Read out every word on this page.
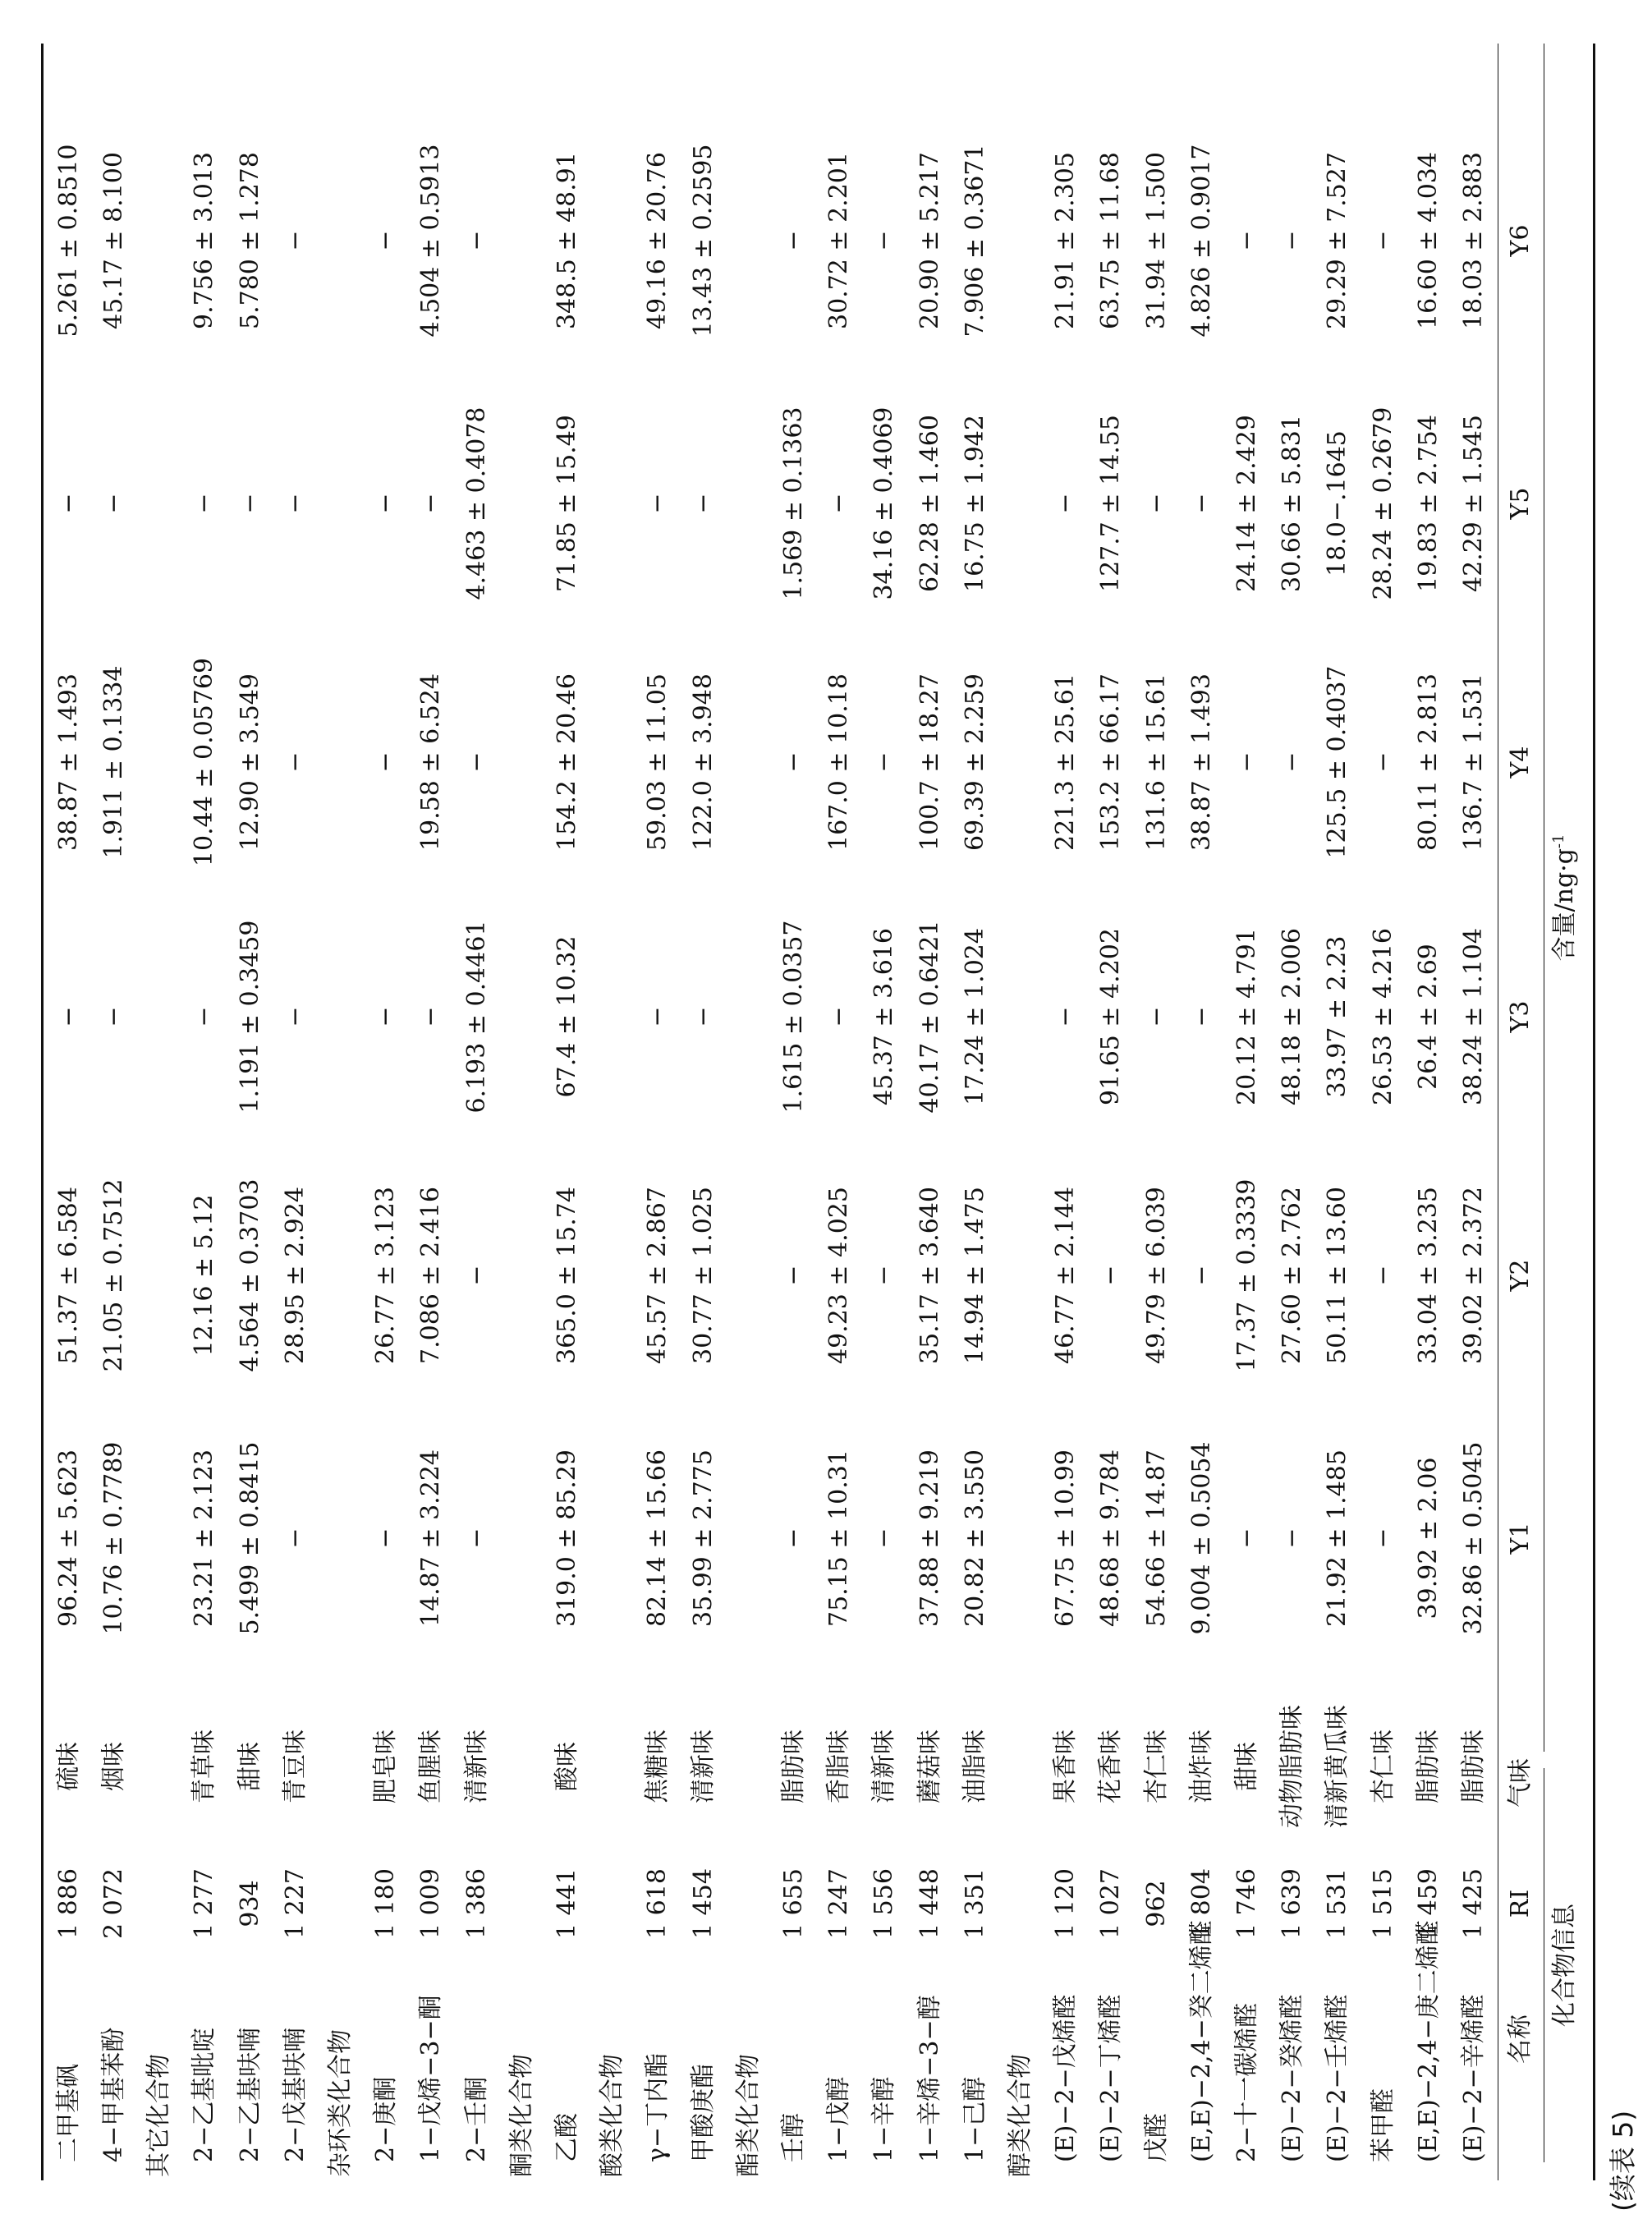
(续表 5)
化合物信息
含量$/ng\cdot g^{-1}$
名称
RI
气味
Y1
Y2
Y3
Y4
Y5
Y6
(E)−2−辛烯醛
1 425
脂肪味
32.86 ± 0.5045
39.02 ± 2.372
38.24 ± 1.104
136.7 ± 1.531
42.29 ± 1.545
18.03 ± 2.883
(E,E)−2,4−庚二烯醛
1 459
脂肪味
39.92 ± 2.06
33.04 ± 3.235
26.4 ± 2.69
80.11 ± 2.813
19.83 ± 2.754
16.60 ± 4.034
苯甲醛
1 515
杏仁味
−
−
26.53 ± 4.216
−
28.24 ± 0.2679
−
(E)−2−壬烯醛
1 531
清新黄瓜味
21.92 ± 1.485
50.11 ± 13.60
33.97 ± 2.23
125.5 ± 0.4037
18.0−.1645
29.29 ± 7.527
(E)−2−癸烯醛
1 639
动物脂肪味
−
27.60 ± 2.762
48.18 ± 2.006
−
30.66 ± 5.831
−
2−十一碳烯醛
1 746
甜味
−
17.37 ± 0.3339
20.12 ± 4.791
−
24.14 ± 2.429
−
(E,E)−2,4−癸二烯醛
1 804
油炸味
9.004 ± 0.5054
−
−
38.87 ± 1.493
−
4.826 ± 0.9017
戊醛
962
杏仁味
54.66 ± 14.87
49.79 ± 6.039
−
131.6 ± 15.61
−
31.94 ± 1.500
(E)−2−丁烯醛
1 027
花香味
48.68 ± 9.784
−
91.65 ± 4.202
153.2 ± 66.17
127.7 ± 14.55
63.75 ± 11.68
(E)−2−戊烯醛
1 120
果香味
67.75 ± 10.99
46.77 ± 2.144
−
221.3 ± 25.61
−
21.91 ± 2.305
醇类化合物
1−己醇
1 351
油脂味
20.82 ± 3.550
14.94 ± 1.475
17.24 ± 1.024
69.39 ± 2.259
16.75 ± 1.942
7.906 ± 0.3671
1−辛烯−3−醇
1 448
蘑菇味
37.88 ± 9.219
35.17 ± 3.640
40.17 ± 0.6421
100.7 ± 18.27
62.28 ± 1.460
20.90 ± 5.217
1−辛醇
1 556
清新味
−
−
45.37 ± 3.616
−
34.16 ± 0.4069
−
1−戊醇
1 247
香脂味
75.15 ± 10.31
49.23 ± 4.025
−
167.0 ± 10.18
−
30.72 ± 2.201
壬醇
1 655
脂肪味
−
−
1.615 ± 0.0357
−
1.569 ± 0.1363
−
酯类化合物
甲酸庚酯
1 454
清新味
35.99 ± 2.775
30.77 ± 1.025
−
122.0 ± 3.948
−
13.43 ± 0.2595
γ−丁内酯
1 618
焦糖味
82.14 ± 15.66
45.57 ± 2.867
−
59.03 ± 11.05
−
49.16 ± 20.76
酸类化合物
乙酸
1 441
酸味
319.0 ± 85.29
365.0 ± 15.74
67.4 ± 10.32
154.2 ± 20.46
71.85 ± 15.49
348.5 ± 48.91
酮类化合物
2−壬酮
1 386
清新味
−
−
6.193 ± 0.4461
−
4.463 ± 0.4078
−
1−戊烯−3−酮
1 009
鱼腥味
14.87 ± 3.224
7.086 ± 2.416
−
19.58 ± 6.524
−
4.504 ± 0.5913
2−庚酮
1 180
肥皂味
−
26.77 ± 3.123
−
−
−
−
杂环类化合物
2−戊基呋喃
1 227
青豆味
−
28.95 ± 2.924
−
−
−
−
2−乙基呋喃
934
甜味
5.499 ± 0.8415
4.564 ± 0.3703
1.191 ± 0.3459
12.90 ± 3.549
−
5.780 ± 1.278
2−乙基吡啶
1 277
青草味
23.21 ± 2.123
12.16 ± 5.12
−
10.44 ± 0.05769
−
9.756 ± 3.013
其它化合物
4−甲基苯酚
2 072
烟味
10.76 ± 0.7789
21.05 ± 0.7512
−
1.911 ± 0.1334
−
45.17 ± 8.100
二甲基砜
1 886
硫味
96.24 ± 5.623
51.37 ± 6.584
−
38.87 ± 1.493
−
5.261 ± 0.8510
